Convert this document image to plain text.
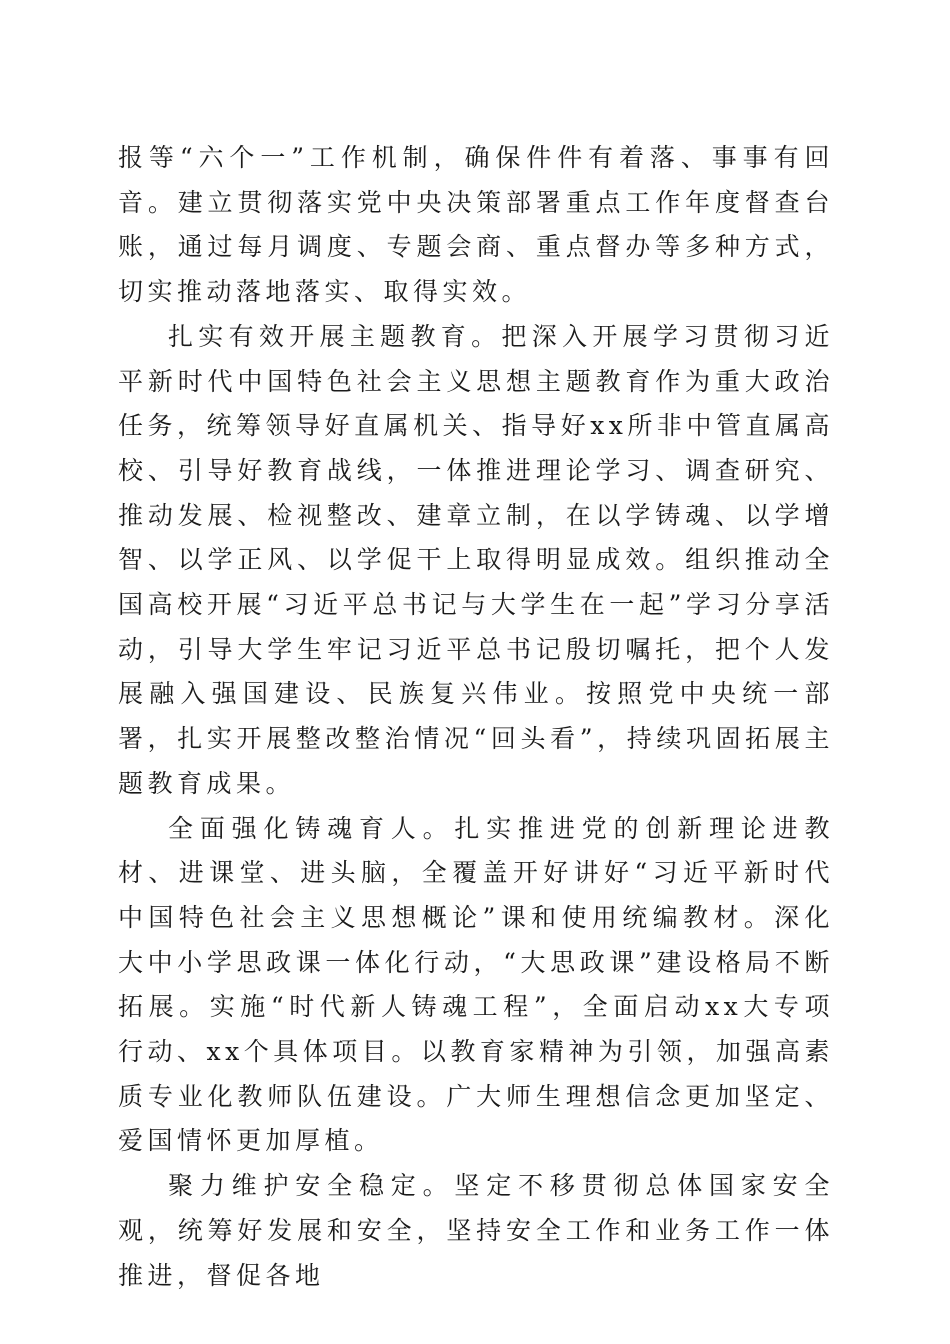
报等“六个一”工作机制，确保件件有着落、事事有回音。建立贯彻落实党中央决策部署重点工作年度督查台账，通过每月调度、专题会商、重点督办等多种方式，切实推动落地落实、取得实效。

扎实有效开展主题教育。把深入开展学习贯彻习近平新时代中国特色社会主义思想主题教育作为重大政治任务，统筹领导好直属机关、指导好xx所非中管直属高校、引导好教育战线，一体推进理论学习、调查研究、推动发展、检视整改、建章立制，在以学铸魂、以学增智、以学正风、以学促干上取得明显成效。组织推动全国高校开展“习近平总书记与大学生在一起”学习分享活动，引导大学生牢记习近平总书记殷切嘱托，把个人发展融入强国建设、民族复兴伟业。按照党中央统一部署，扎实开展整改整治情况“回头看”，持续巩固拓展主题教育成果。

全面强化铸魂育人。扎实推进党的创新理论进教材、进课堂、进头脑，全覆盖开好讲好“习近平新时代中国特色社会主义思想概论”课和使用统编教材。深化大中小学思政课一体化行动，“大思政课”建设格局不断拓展。实施“时代新人铸魂工程”，全面启动xx大专项行动、xx个具体项目。以教育家精神为引领，加强高素质专业化教师队伍建设。广大师生理想信念更加坚定、爱国情怀更加厚植。

聚力维护安全稳定。坚定不移贯彻总体国家安全观，统筹好发展和安全，坚持安全工作和业务工作一体推进，督促各地
